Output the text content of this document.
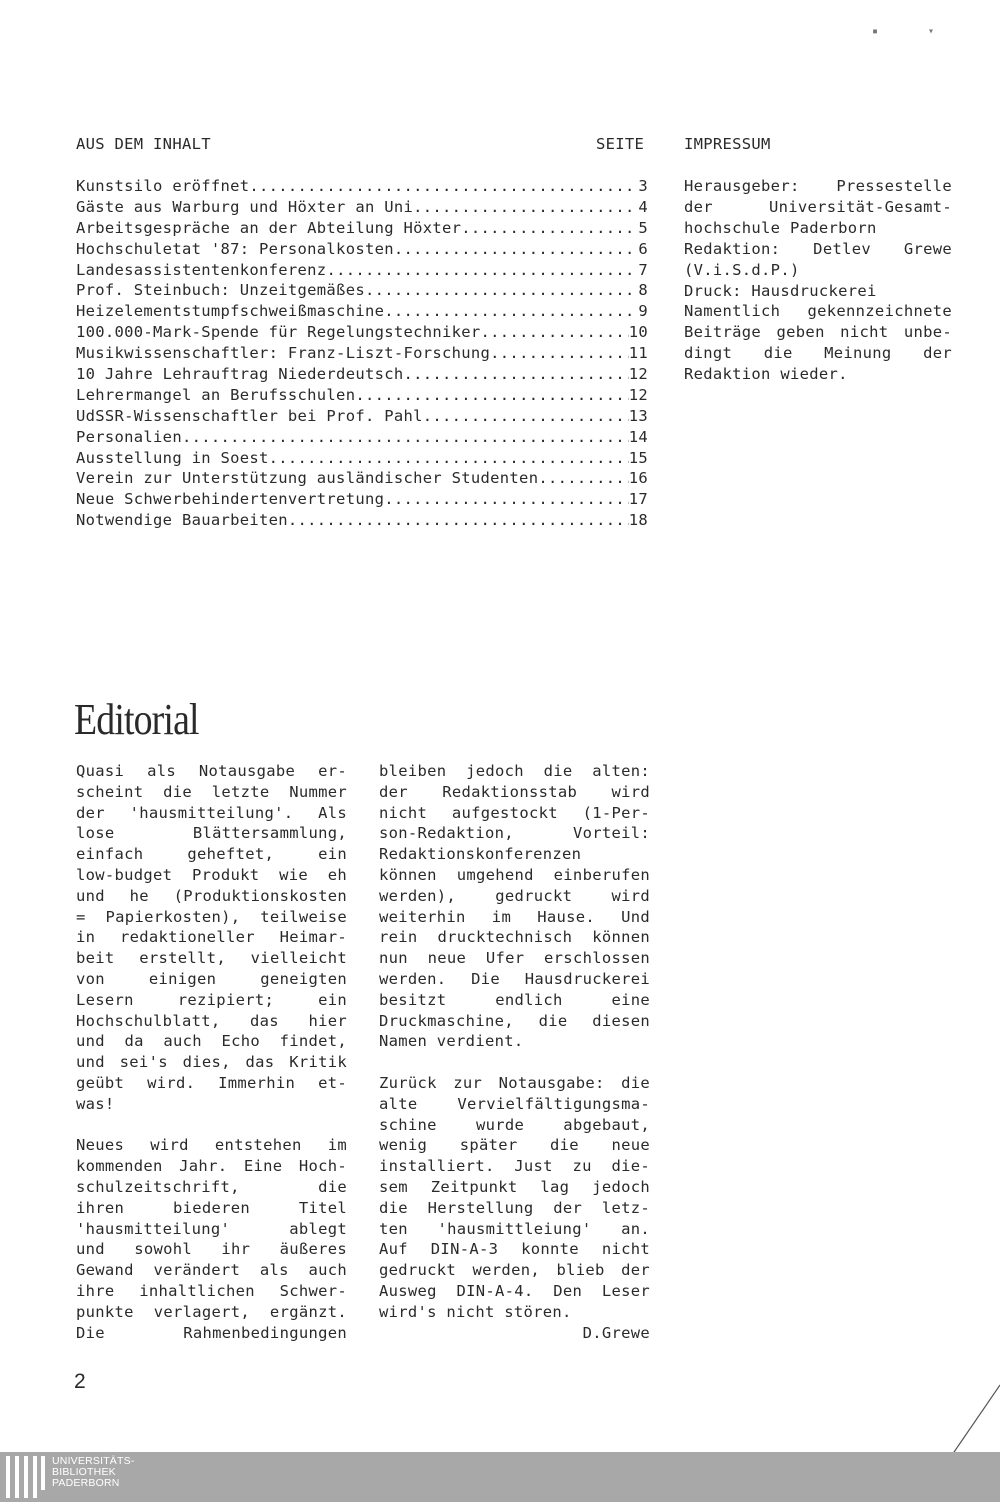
▪	▾
AUS DEM INHALT	SEITE	IMPRESSUM
Kunstsilo eröffnet .....	3
Gäste aus Warburg und Höxter an Uni .....	4
Arbeitsgespräche an der Abteilung Höxter .....	5
Hochschuletat '87: Personalkosten .....	6
Landesassistentenkonferenz .....	7
Prof. Steinbuch: Unzeitgemäßes .....	8
Heizelementstumpfschweißmaschine .....	9
100.000-Mark-Spende für Regelungstechniker .....	10
Musikwissenschaftler: Franz-Liszt-Forschung .....	11
10 Jahre Lehrauftrag Niederdeutsch .....	12
Lehrermangel an Berufsschulen .....	12
UdSSR-Wissenschaftler bei Prof. Pahl .....	13
Personalien .....	14
Ausstellung in Soest .....	15
Verein zur Unterstützung ausländischer Studenten .....	16
Neue Schwerbehindertenvertretung .....	17
Notwendige Bauarbeiten .....	18

Herausgeber: Pressestelle

der Universität-Gesamt-

hochschule Paderborn

Redaktion: Detlev Grewe

(V.i.S.d.P.)

Druck: Hausdruckerei

Namentlich gekennzeichnete

Beiträge geben nicht unbe-

dingt die Meinung der

Redaktion wieder.

Editorial

Quasi als Notausgabe er-

scheint die letzte Nummer

der 'hausmitteilung'. Als

lose Blättersammlung,

einfach geheftet, ein

low-budget Produkt wie eh

und he (Produktionskosten

= Papierkosten), teilweise

in redaktioneller Heimar-

beit erstellt, vielleicht

von einigen geneigten

Lesern rezipiert; ein

Hochschulblatt, das hier

und da auch Echo findet,

und sei's dies, das Kritik

geübt wird. Immerhin et-

was!

Neues wird entstehen im

kommenden Jahr. Eine Hoch-

schulzeitschrift, die

ihren biederen Titel

'hausmitteilung' ablegt

und sowohl ihr äußeres

Gewand verändert als auch

ihre inhaltlichen Schwer-

punkte verlagert, ergänzt.

Die Rahmenbedingungen

bleiben jedoch die alten:

der Redaktionsstab wird

nicht aufgestockt (1-Per-

son-Redaktion, Vorteil:

Redaktionskonferenzen

können umgehend einberufen

werden), gedruckt wird

weiterhin im Hause. Und

rein drucktechnisch können

nun neue Ufer erschlossen

werden. Die Hausdruckerei

besitzt endlich eine

Druckmaschine, die diesen

Namen verdient.

Zurück zur Notausgabe: die

alte Vervielfältigungsma-

schine wurde abgebaut,

wenig später die neue

installiert. Just zu die-

sem Zeitpunkt lag jedoch

die Herstellung der letz-

ten 'hausmittleiung' an.

Auf DIN-A-3 konnte nicht

gedruckt werden, blieb der

Ausweg DIN-A-4. Den Leser

wird's nicht stören.

D.Grewe

2
UNIVERSITÄTS-
BIBLIOTHEK
PADERBORN
